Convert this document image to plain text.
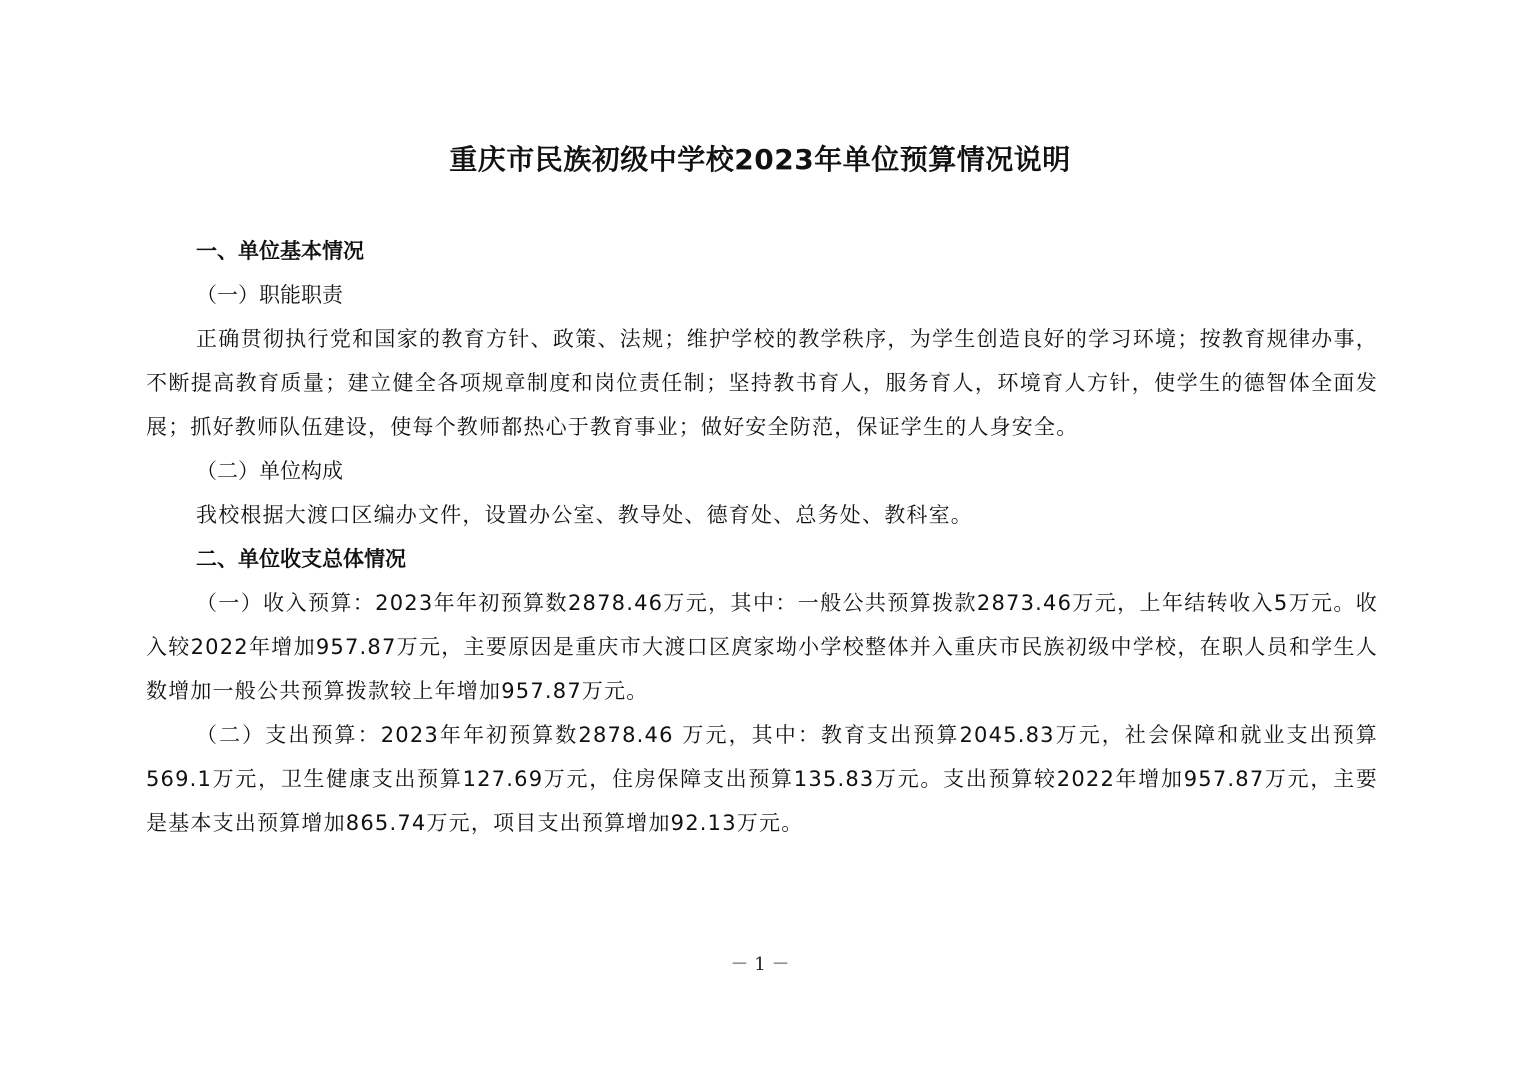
重庆市民族初级中学校2023年单位预算情况说明

一、单位基本情况

（一）职能职责

正确贯彻执行党和国家的教育方针、政策、法规；维护学校的教学秩序，为学生创造良好的学习环境；按教育规律办事，不断提高教育质量；建立健全各项规章制度和岗位责任制；坚持教书育人，服务育人，环境育人方针，使学生的德智体全面发展；抓好教师队伍建设，使每个教师都热心于教育事业；做好安全防范，保证学生的人身安全。

（二）单位构成

我校根据大渡口区编办文件，设置办公室、教导处、德育处、总务处、教科室。

二、单位收支总体情况

（一）收入预算：2023年年初预算数2878.46万元，其中：一般公共预算拨款2873.46万元，上年结转收入5万元。收入较2022年增加957.87万元，主要原因是重庆市大渡口区庹家坳小学校整体并入重庆市民族初级中学校，在职人员和学生人数增加一般公共预算拨款较上年增加957.87万元。

（二）支出预算：2023年年初预算数2878.46 万元，其中：教育支出预算2045.83万元，社会保障和就业支出预算569.1万元，卫生健康支出预算127.69万元，住房保障支出预算135.83万元。支出预算较2022年增加957.87万元，主要是基本支出预算增加865.74万元，项目支出预算增加92.13万元。

－ 1 －
